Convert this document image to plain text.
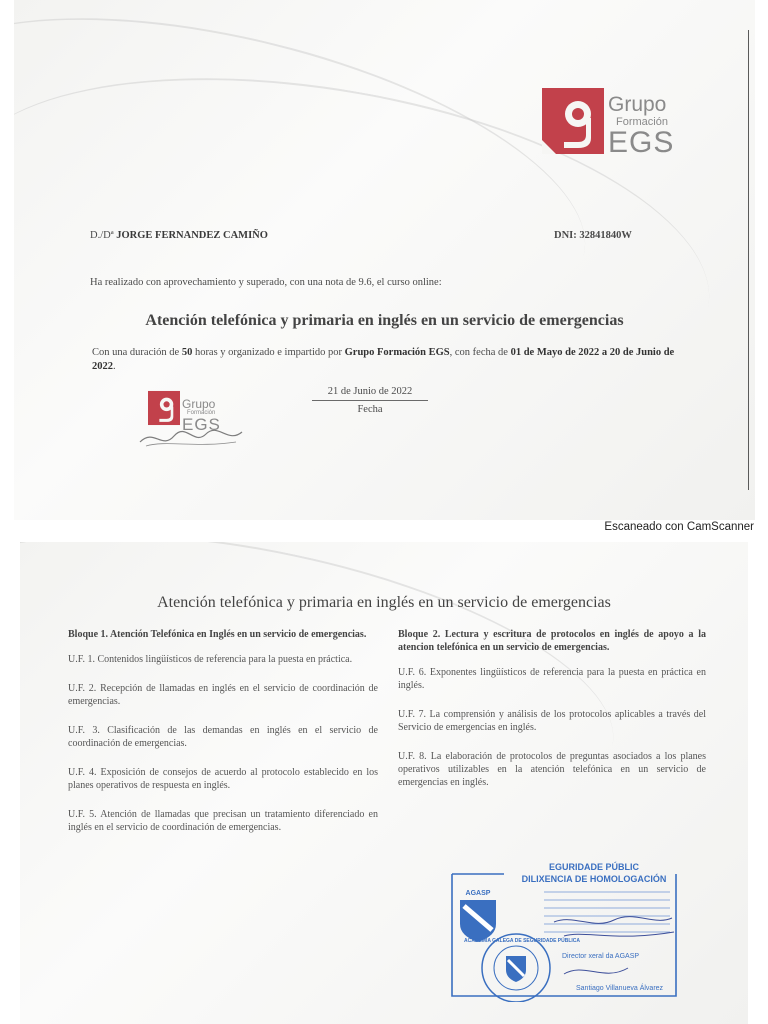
Grupo
Formación
EGS
D./Dª JORGE FERNANDEZ CAMIÑO	DNI: 32841840W
Ha realizado con aprovechamiento y superado, con una nota de 9.6, el curso online:
Atención telefónica y primaria en inglés en un servicio de emergencias
Con una duración de 50 horas y organizado e impartido por Grupo Formación EGS, con fecha de 01 de Mayo de 2022 a 20 de Junio de 2022.
21 de Junio de 2022
Fecha
Grupo
Formación
EGS
Escaneado con CamScanner
Atención telefónica y primaria en inglés en un servicio de emergencias
Bloque 1. Atención Telefónica en Inglés en un servicio de emergencias.
U.F. 1. Contenidos lingüísticos de referencia para la puesta en práctica.
U.F. 2. Recepción de llamadas en inglés en el servicio de coordinación de emergencias.
U.F. 3. Clasificación de las demandas en inglés en el servicio de coordinación de emergencias.
U.F. 4. Exposición de consejos de acuerdo al protocolo establecido en los planes operativos de respuesta en inglés.
U.F. 5. Atención de llamadas que precisan un tratamiento diferenciado en inglés en el servicio de coordinación de emergencias.
Bloque 2. Lectura y escritura de protocolos en inglés de apoyo a la atencion telefónica en un servicio de emergencias.
U.F. 6. Exponentes lingüísticos de referencia para la puesta en práctica en inglés.
U.F. 7. La comprensión y análisis de los protocolos aplicables a través del Servicio de emergencias en inglés.
U.F. 8. La elaboración de protocolos de preguntas asociados a los planes operativos utilizables en la atención telefónica en un servicio de emergencias en inglés.
EGURIDADE PÚBLIC
DILIXENCIA DE HOMOLOGACIÓN
AGASP
ACADEMIA GALEGA DE SEGURIDADE PÚBLICA
Director xeral da AGASP
Santiago Villanueva Álvarez
